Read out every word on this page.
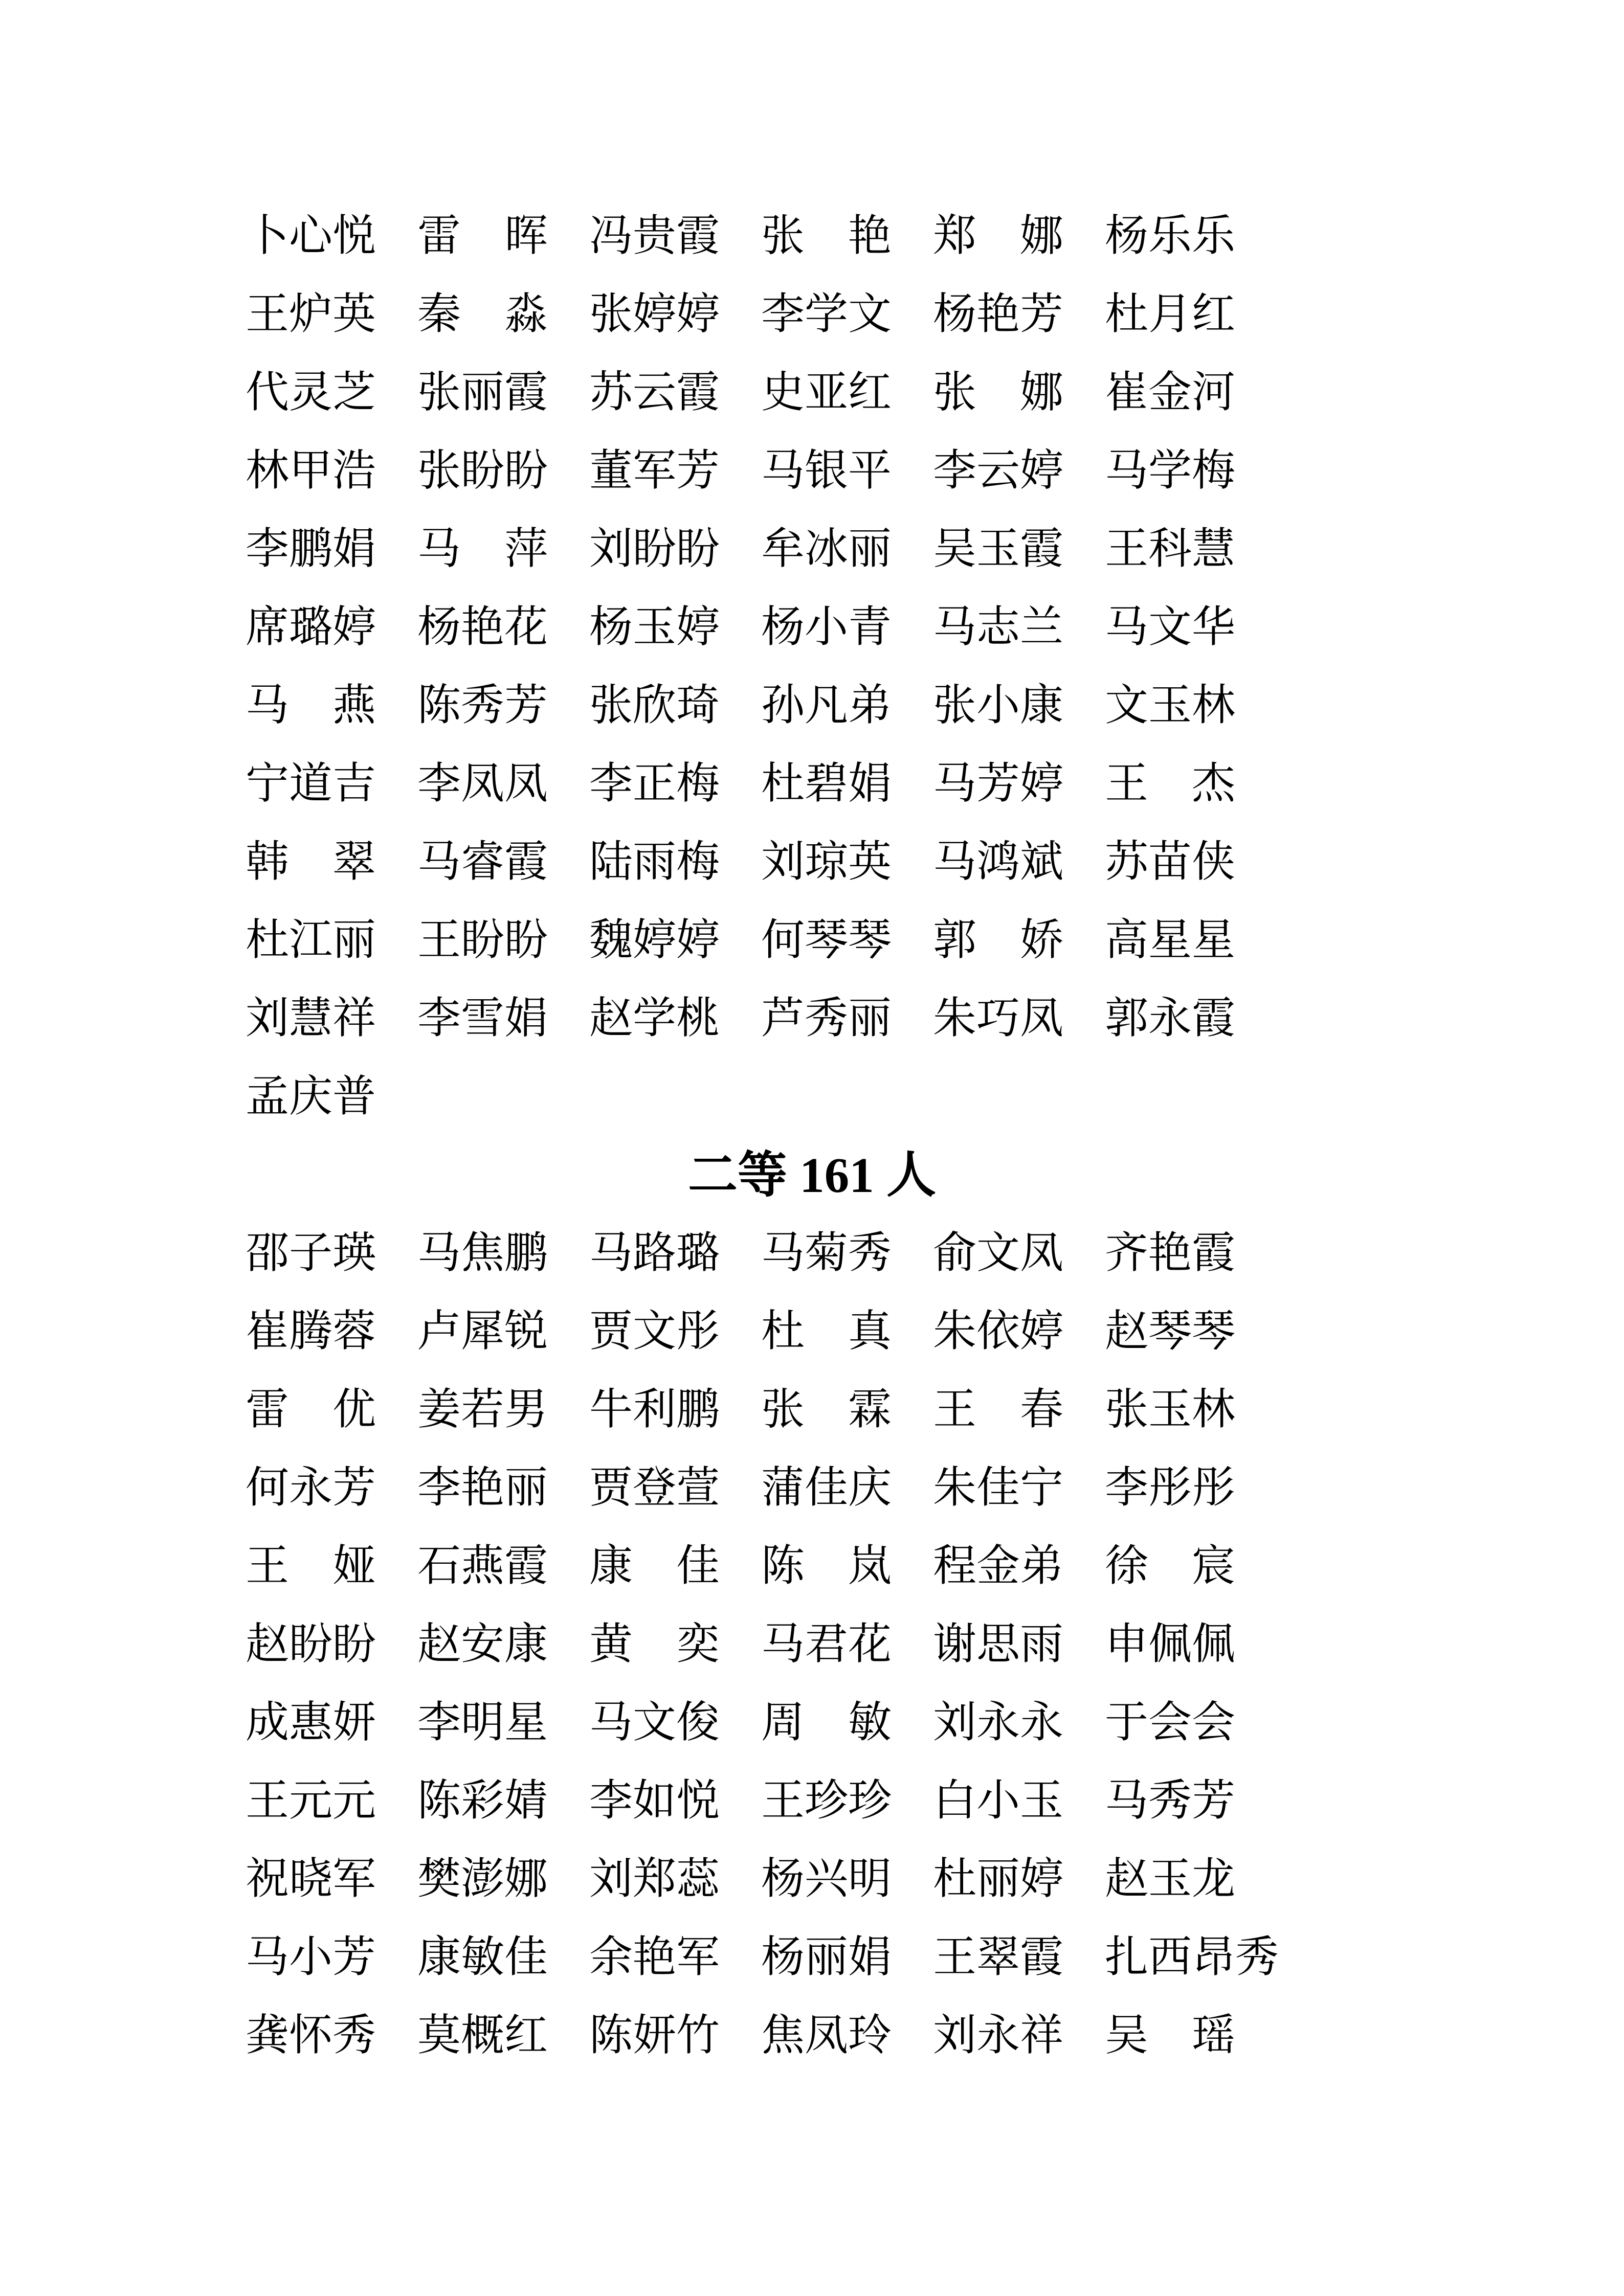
卜心悦 雷　晖 冯贵霞 张　艳 郑　娜 杨乐乐
王炉英 秦　淼 张婷婷 李学文 杨艳芳 杜月红
代灵芝 张丽霞 苏云霞 史亚红 张　娜 崔金河
林甲浩 张盼盼 董军芳 马银平 李云婷 马学梅
李鹏娟 马　萍 刘盼盼 牟冰丽 吴玉霞 王科慧
席璐婷 杨艳花 杨玉婷 杨小青 马志兰 马文华
马　燕 陈秀芳 张欣琦 孙凡弟 张小康 文玉林
宁道吉 李凤凤 李正梅 杜碧娟 马芳婷 王　杰
韩　翠 马睿霞 陆雨梅 刘琼英 马鸿斌 苏苗侠
杜江丽 王盼盼 魏婷婷 何琴琴 郭　娇 高星星
刘慧祥 李雪娟 赵学桃 芦秀丽 朱巧凤 郭永霞
孟庆普
二等 161 人
邵子瑛 马焦鹏 马路璐 马菊秀 俞文凤 齐艳霞
崔腾蓉 卢犀锐 贾文彤 杜　真 朱依婷 赵琴琴
雷　优 姜若男 牛利鹏 张　霖 王　春 张玉林
何永芳 李艳丽 贾登萱 蒲佳庆 朱佳宁 李彤彤
王　娅 石燕霞 康　佳 陈　岚 程金弟 徐　宸
赵盼盼 赵安康 黄　奕 马君花 谢思雨 申佩佩
成惠妍 李明星 马文俊 周　敏 刘永永 于会会
王元元 陈彩婧 李如悦 王珍珍 白小玉 马秀芳
祝晓军 樊澎娜 刘郑蕊 杨兴明 杜丽婷 赵玉龙
马小芳 康敏佳 余艳军 杨丽娟 王翠霞 扎西昂秀
龚怀秀 莫概红 陈妍竹 焦凤玲 刘永祥 吴　瑶
